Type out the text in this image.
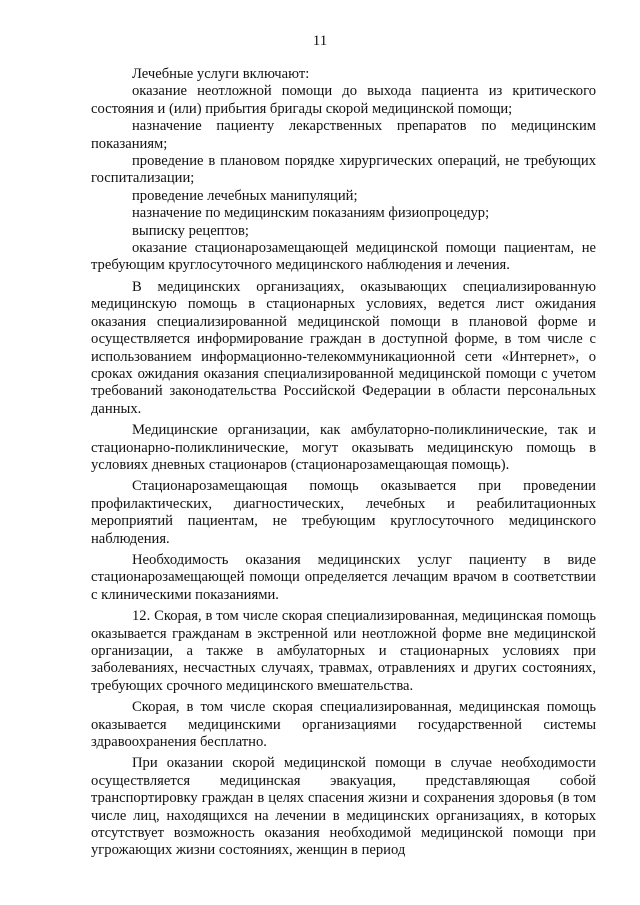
11

Лечебные услуги включают:

оказание неотложной помощи до выхода пациента из критического состояния и (или) прибытия бригады скорой медицинской помощи;

назначение пациенту лекарственных препаратов по медицинским показаниям;

проведение в плановом порядке хирургических операций, не требующих госпитализации;

проведение лечебных манипуляций;

назначение по медицинским показаниям физиопроцедур;

выписку рецептов;

оказание стационарозамещающей медицинской помощи пациентам, не требующим круглосуточного медицинского наблюдения и лечения.

В медицинских организациях, оказывающих специализированную медицинскую помощь в стационарных условиях, ведется лист ожидания оказания специализированной медицинской помощи в плановой форме и осуществляется информирование граждан в доступной форме, в том числе с использованием информационно-телекоммуникационной сети «Интернет», о сроках ожидания оказания специализированной медицинской помощи с учетом требований законодательства Российской Федерации в области персональных данных.

Медицинские организации, как амбулаторно-поликлинические, так и стационарно-поликлинические, могут оказывать медицинскую помощь в условиях дневных стационаров (стационарозамещающая помощь).

Стационарозамещающая помощь оказывается при проведении профилактических, диагностических, лечебных и реабилитационных мероприятий пациентам, не требующим круглосуточного медицинского наблюдения.

Необходимость оказания медицинских услуг пациенту в виде стационарозамещающей помощи определяется лечащим врачом в соответствии с клиническими показаниями.

12. Скорая, в том числе скорая специализированная, медицинская помощь оказывается гражданам в экстренной или неотложной форме вне медицинской организации, а также в амбулаторных и стационарных условиях при заболеваниях, несчастных случаях, травмах, отравлениях и других состояниях, требующих срочного медицинского вмешательства.

Скорая, в том числе скорая специализированная, медицинская помощь оказывается медицинскими организациями государственной системы здравоохранения бесплатно.

При оказании скорой медицинской помощи в случае необходимости осуществляется медицинская эвакуация, представляющая собой транспортировку граждан в целях спасения жизни и сохранения здоровья (в том числе лиц, находящихся на лечении в медицинских организациях, в которых отсутствует возможность оказания необходимой медицинской помощи при угрожающих жизни состояниях, женщин в период
